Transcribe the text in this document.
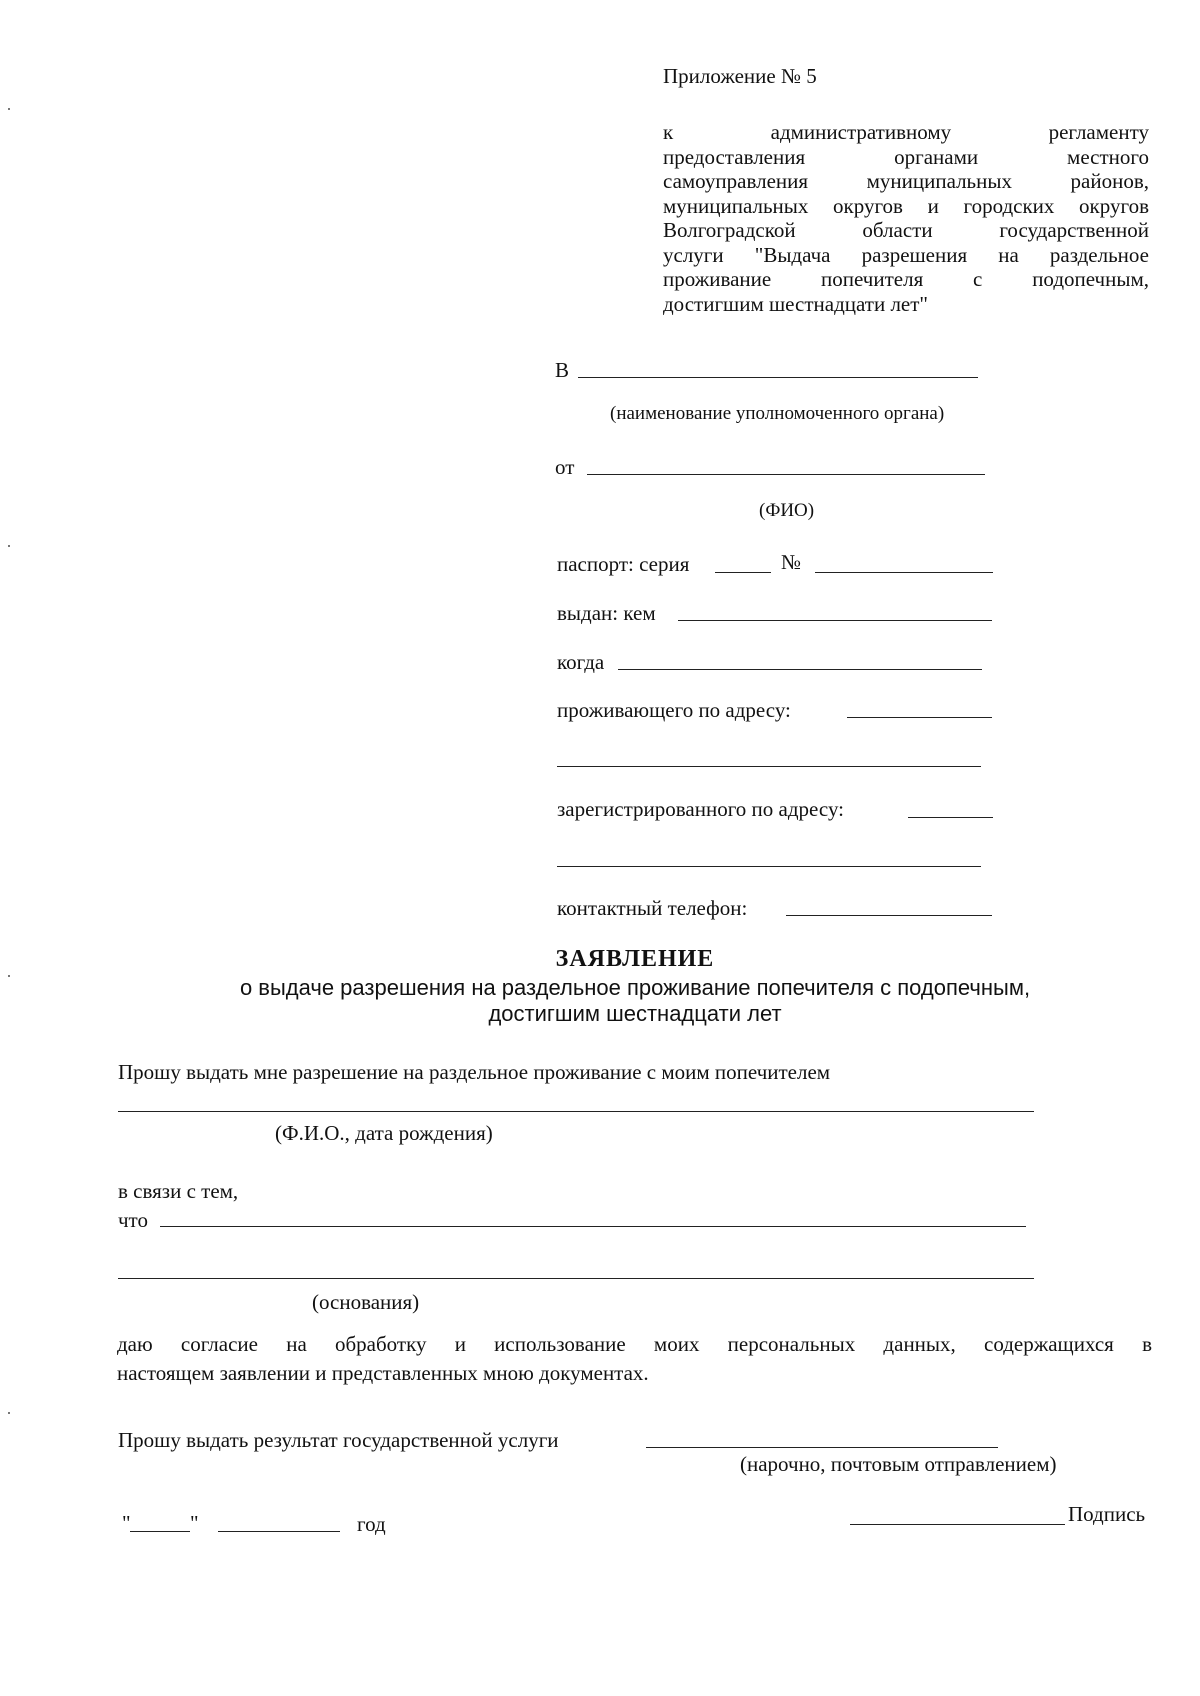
Приложение № 5
к административному регламенту
предоставления органами местного
самоуправления муниципальных районов,
муниципальных округов и городских округов
Волгоградской области государственной
услуги "Выдача разрешения на раздельное
проживание попечителя с подопечным,
достигшим шестнадцати лет"
В
(наименование уполномоченного органа)
от
(ФИО)
паспорт: серия	№
выдан: кем
когда
проживающего по адресу:
зарегистрированного по адресу:
контактный телефон:
ЗАЯВЛЕНИЕ
о выдаче разрешения на раздельное проживание попечителя с подопечным,
достигшим шестнадцати лет
Прошу выдать мне разрешение на раздельное проживание с моим попечителем
(Ф.И.О., дата рождения)
в связи с тем,
что
(основания)
даю согласие на обработку и использование моих персональных данных, содержащихся в
настоящем заявлении и представленных мною документах.
Прошу выдать результат государственной услуги
(нарочно, почтовым отправлением)
"	"	год	Подпись
